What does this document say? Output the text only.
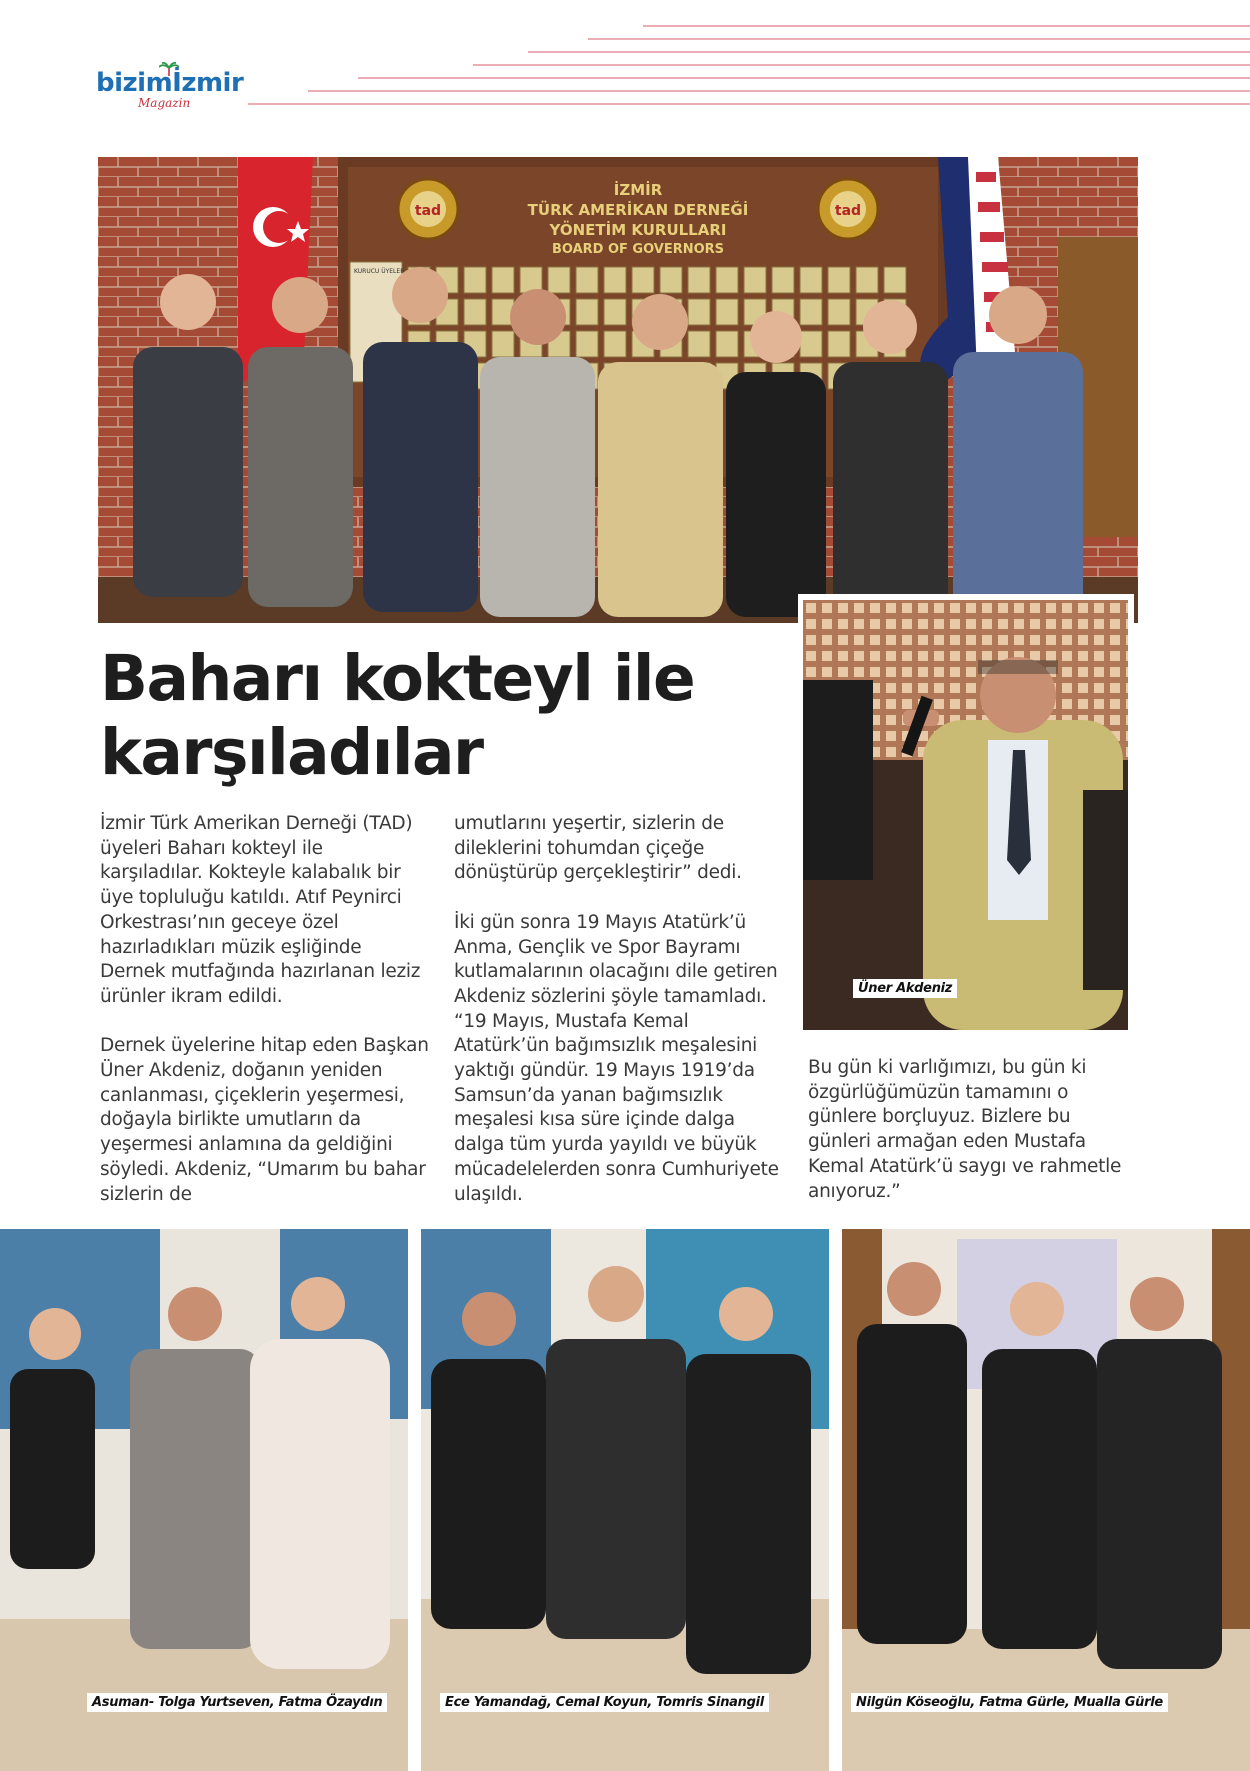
bizimİzmir
Magazin
KURUCU ÜYELER
tad	tad
İZMİR
TÜRK AMERİKAN DERNEĞİ
YÖNETİM KURULLARI
BOARD OF GOVERNORS
Üner Akdeniz
Baharı kokteyl ile
karşıladılar

İzmir Türk Amerikan Derneği (TAD) üyeleri Baharı kokteyl ile karşıladılar. Kokteyle kalabalık bir üye topluluğu katıldı. Atıf Peynirci Orkestrası’nın geceye özel hazırladıkları müzik eşliğinde Dernek mutfağında hazırlanan leziz ürünler ikram edildi.

Dernek üyelerine hitap eden Başkan Üner Akdeniz, doğanın yeniden canlanması, çiçeklerin yeşermesi, doğayla birlikte umutların da yeşermesi anlamına da geldiğini söyledi. Akdeniz, “Umarım bu bahar sizlerin de

umutlarını yeşertir, sizlerin de dileklerini tohumdan çiçeğe dönüştürüp gerçekleştirir” dedi.

İki gün sonra 19 Mayıs Atatürk’ü Anma, Gençlik ve Spor Bayramı kutlamalarının olacağını dile getiren Akdeniz sözlerini şöyle tamamladı. “19 Mayıs, Mustafa Kemal Atatürk’ün bağımsızlık meşalesini yaktığı gündür. 19 Mayıs 1919’da Samsun’da yanan bağımsızlık meşalesi kısa süre içinde dalga dalga tüm yurda yayıldı ve büyük mücadelelerden sonra Cumhuriyete ulaşıldı.

Bu gün ki varlığımızı, bu gün ki özgürlüğümüzün tamamını o günlere borçluyuz. Bizlere bu günleri armağan eden Mustafa Kemal Atatürk’ü saygı ve rahmetle anıyoruz.”

Asuman- Tolga Yurtseven, Fatma Özaydın	Ece Yamandağ, Cemal Koyun, Tomris Sinangil	Nilgün Köseoğlu, Fatma Gürle, Mualla Gürle
